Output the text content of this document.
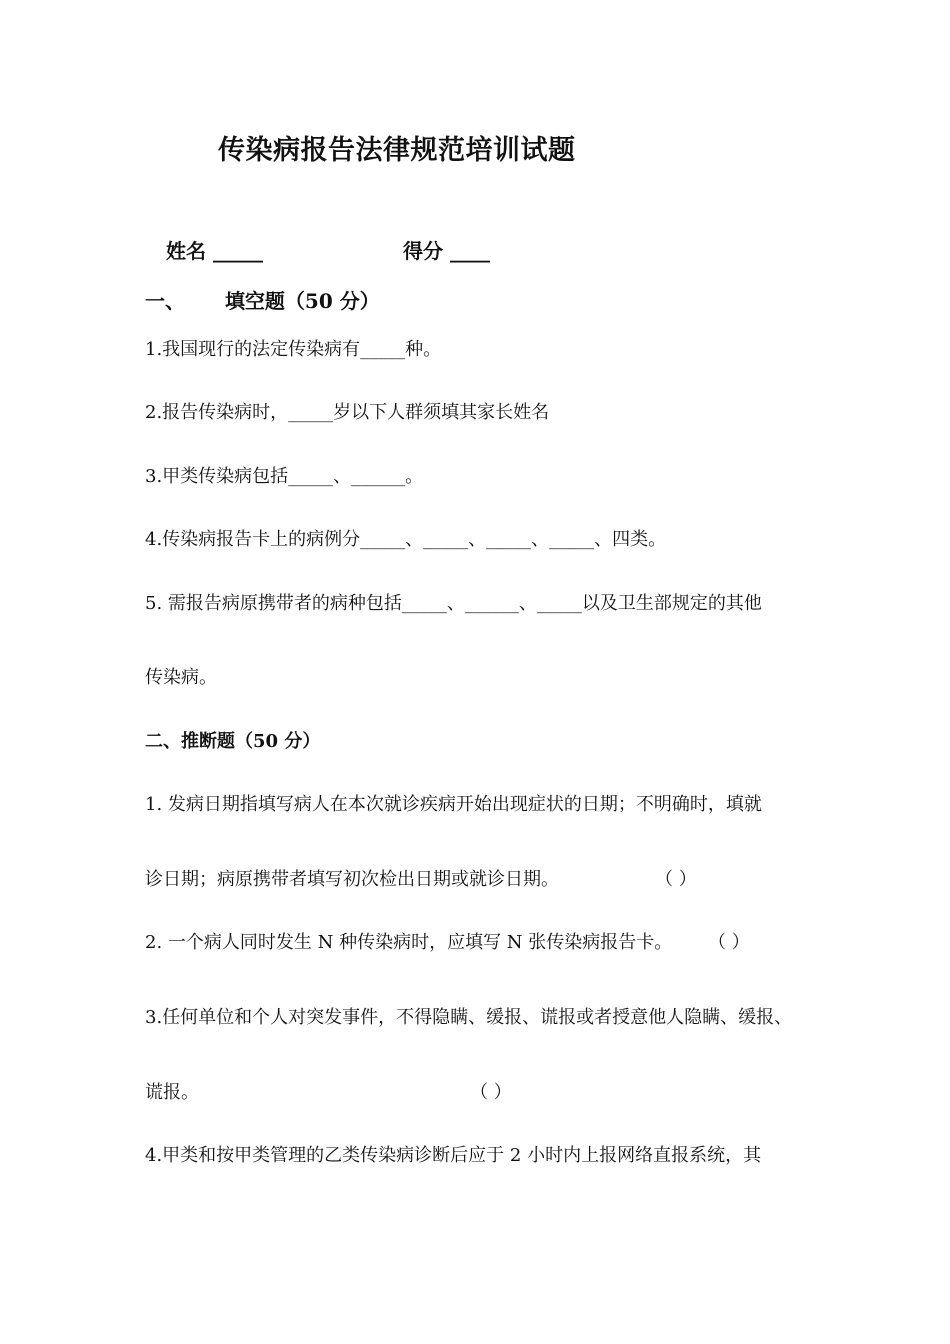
传染病报告法律规范培训试题
姓名 _____	得分 ____
一、 填空题（50 分）
1.我国现行的法定传染病有_____种。
2.报告传染病时，_____岁以下人群须填其家长姓名
3.甲类传染病包括_____、______。
4.传染病报告卡上的病例分_____、_____、_____、_____、四类。
5. 需报告病原携带者的病种包括_____、______、_____以及卫生部规定的其他
传染病。
二、推断题（50 分）
1. 发病日期指填写病人在本次就诊疾病开始出现症状的日期；不明确时，填就
诊日期；病原携带者填写初次检出日期或就诊日期。	（ ）
2. 一个病人同时发生 N 种传染病时，应填写 N 张传染病报告卡。 （ ）
3.任何单位和个人对突发事件，不得隐瞒、缓报、谎报或者授意他人隐瞒、缓报、
谎报。	（ ）
4.甲类和按甲类管理的乙类传染病诊断后应于 2 小时内上报网络直报系统，其
